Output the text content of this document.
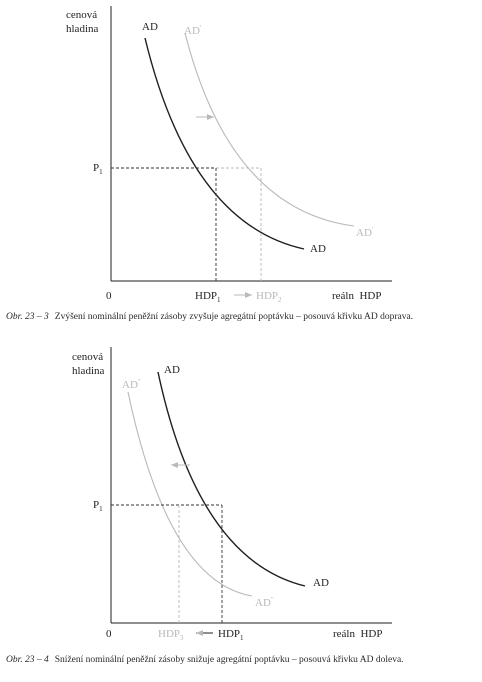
cenová
hladina	AD AD'
$P_1$
AD
AD'
0	$HDP_1$	$HDP_2$	reáln  HDP
cenová
hladina	AD
AD"
$P_1$
AD
AD"
0	$HDP_3$	$HDP_1$	reáln  HDP
Obr. 23 – 3 Zvýšení nominální peněžní zásoby zvyšuje agregátní poptávku – posouvá křivku AD doprava.
Obr. 23 – 4 Snížení nominální peněžní zásoby snižuje agregátní poptávku – posouvá křivku AD doleva.
